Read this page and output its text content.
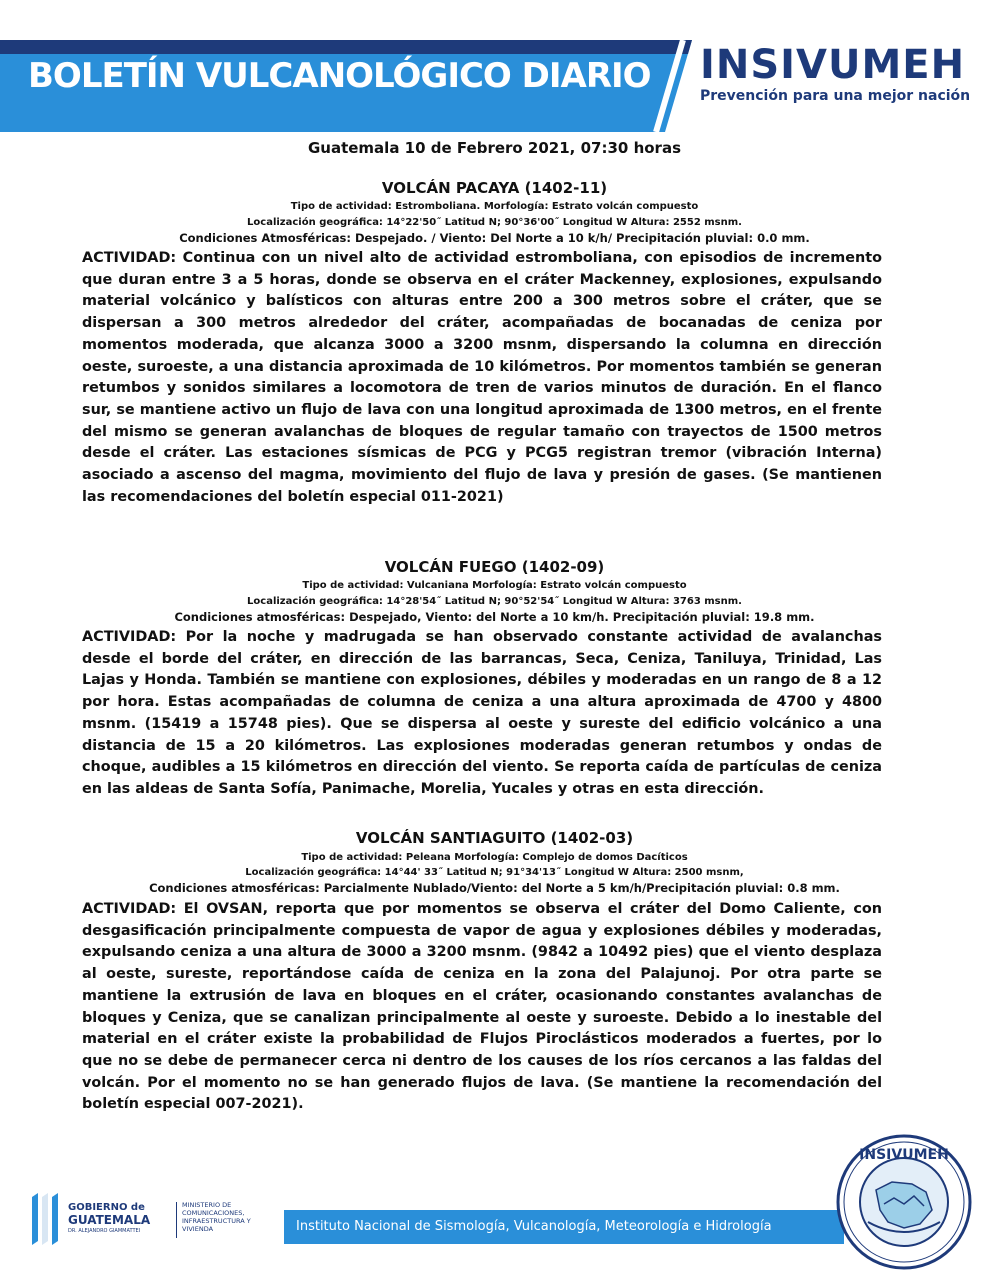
BOLETÍN VULCANOLÓGICO DIARIO INSIVUMEH
Prevención para una mejor nación
Guatemala 10 de Febrero 2021, 07:30 horas
VOLCÁN PACAYA (1402-11)
Tipo de actividad: Estromboliana. Morfología: Estrato volcán compuesto
Localización geográfica: 14°22'50˝ Latitud N; 90°36'00˝ Longitud W Altura: 2552 msnm.
Condiciones Atmosféricas: Despejado. / Viento: Del Norte a 10 k/h/ Precipitación pluvial: 0.0 mm.

ACTIVIDAD: Continua con un nivel alto de actividad estromboliana, con episodios de incremento que duran entre 3 a 5 horas, donde se observa en el cráter Mackenney, explosiones, expulsando material volcánico y balísticos con alturas entre 200 a 300 metros sobre el cráter, que se dispersan a 300 metros alrededor del cráter, acompañadas de bocanadas de ceniza por momentos moderada, que alcanza 3000 a 3200 msnm, dispersando la columna en dirección oeste, suroeste, a una distancia aproximada de 10 kilómetros. Por momentos también se generan retumbos y sonidos similares a locomotora de tren de varios minutos de duración. En el flanco sur, se mantiene activo un flujo de lava con una longitud aproximada de 1300 metros, en el frente del mismo se generan avalanchas de bloques de regular tamaño con trayectos de 1500 metros desde el cráter. Las estaciones sísmicas de PCG y PCG5 registran tremor (vibración Interna) asociado a ascenso del magma, movimiento del flujo de lava y presión de gases. (Se mantienen las recomendaciones del boletín especial 011-2021)

VOLCÁN FUEGO (1402-09)
Tipo de actividad: Vulcaniana Morfología: Estrato volcán compuesto
Localización geográfica: 14°28'54˝ Latitud N; 90°52'54˝ Longitud W Altura: 3763 msnm.
Condiciones atmosféricas: Despejado, Viento: del Norte a 10 km/h. Precipitación pluvial: 19.8 mm.

ACTIVIDAD: Por la noche y madrugada se han observado constante actividad de avalanchas desde el borde del cráter, en dirección de las barrancas, Seca, Ceniza, Taniluya, Trinidad, Las Lajas y Honda. También se mantiene con explosiones, débiles y moderadas en un rango de 8 a 12 por hora. Estas acompañadas de columna de ceniza a una altura aproximada de 4700 y 4800 msnm. (15419 a 15748 pies). Que se dispersa al oeste y sureste del edificio volcánico a una distancia de 15 a 20 kilómetros. Las explosiones moderadas generan retumbos y ondas de choque, audibles a 15 kilómetros en dirección del viento. Se reporta caída de partículas de ceniza en las aldeas de Santa Sofía, Panimache, Morelia, Yucales y otras en esta dirección.

VOLCÁN SANTIAGUITO (1402-03)
Tipo de actividad: Peleana Morfología: Complejo de domos Dacíticos
Localización geográfica: 14°44' 33˝ Latitud N; 91°34'13˝ Longitud W Altura: 2500 msnm,
Condiciones atmosféricas: Parcialmente Nublado/Viento: del Norte a 5 km/h/Precipitación pluvial: 0.8 mm.

ACTIVIDAD: El OVSAN, reporta que por momentos se observa el cráter del Domo Caliente, con desgasificación principalmente compuesta de vapor de agua y explosiones débiles y moderadas, expulsando ceniza a una altura de 3000 a 3200 msnm. (9842 a 10492 pies) que el viento desplaza al oeste, sureste, reportándose caída de ceniza en la zona del Palajunoj. Por otra parte se mantiene la extrusión de lava en bloques en el cráter, ocasionando constantes avalanchas de bloques y Ceniza, que se canalizan principalmente al oeste y suroeste. Debido a lo inestable del material en el cráter existe la probabilidad de Flujos Piroclásticos moderados a fuertes, por lo que no se debe de permanecer cerca ni dentro de los causes de los ríos cercanos a las faldas del volcán. Por el momento no se han generado flujos de lava. (Se mantiene la recomendación del boletín especial 007-2021).

GOBIERNO de
GUATEMALA
DR. ALEJANDRO GIAMMATTEI
MINISTERIO DE COMUNICACIONES, INFRAESTRUCTURA Y VIVIENDA	Instituto Nacional de Sismología, Vulcanología, Meteorología e Hidrología
INSIVUMEH
